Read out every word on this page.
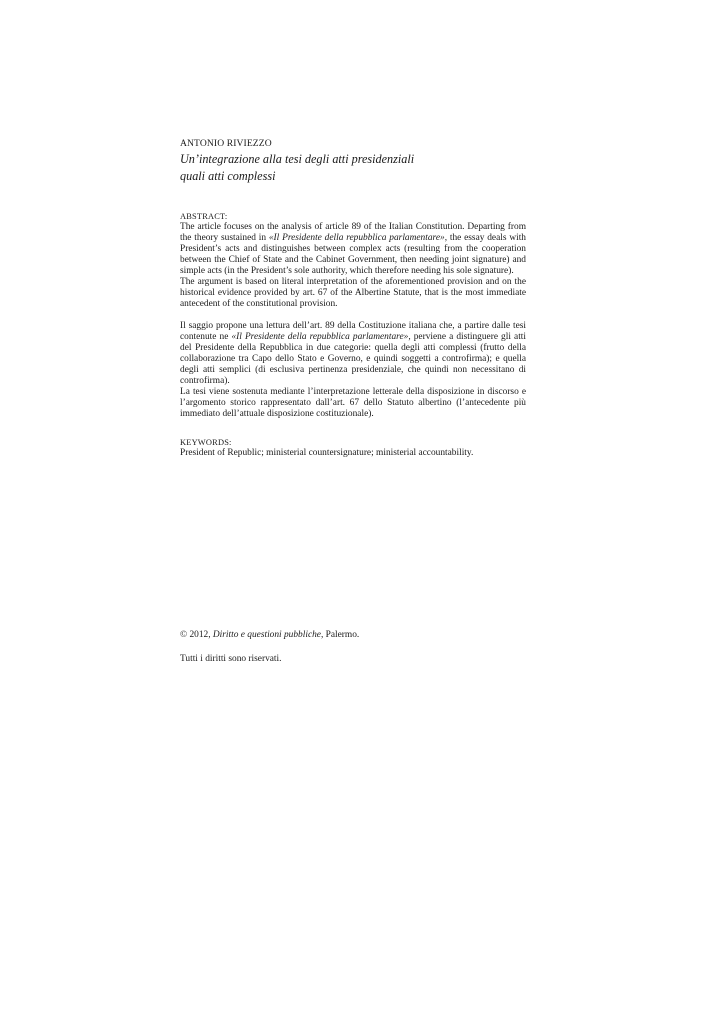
ANTONIO RIVIEZZO
Un’integrazione alla tesi degli atti presidenziali
quali atti complessi
ABSTRACT:

The article focuses on the analysis of article 89 of the Italian Constitution. Departing from the theory sustained in «Il Presidente della repubblica parlamentare», the essay deals with President’s acts and distinguishes between complex acts (resulting from the cooperation between the Chief of State and the Cabinet Government, then needing joint signature) and simple acts (in the President’s sole authority, which therefore needing his sole signature).

The argument is based on literal interpretation of the aforementioned provision and on the historical evidence provided by art. 67 of the Albertine Statute, that is the most immediate antecedent of the constitutional provision.

Il saggio propone una lettura dell’art. 89 della Costituzione italiana che, a partire dalle tesi contenute ne «Il Presidente della repubblica parlamentare», perviene a distinguere gli atti del Presidente della Repubblica in due categorie: quella degli atti complessi (frutto della collaborazione tra Capo dello Stato e Governo, e quindi soggetti a controfirma); e quella degli atti semplici (di esclusiva pertinenza presidenziale, che quindi non necessitano di controfirma).

La tesi viene sostenuta mediante l’interpretazione letterale della disposizione in discorso e l’argomento storico rappresentato dall’art. 67 dello Statuto albertino (l’antecedente più immediato dell’attuale disposizione costituzionale).

KEYWORDS:

President of Republic; ministerial countersignature; ministerial accountability.

© 2012, Diritto e questioni pubbliche, Palermo.
Tutti i diritti sono riservati.
